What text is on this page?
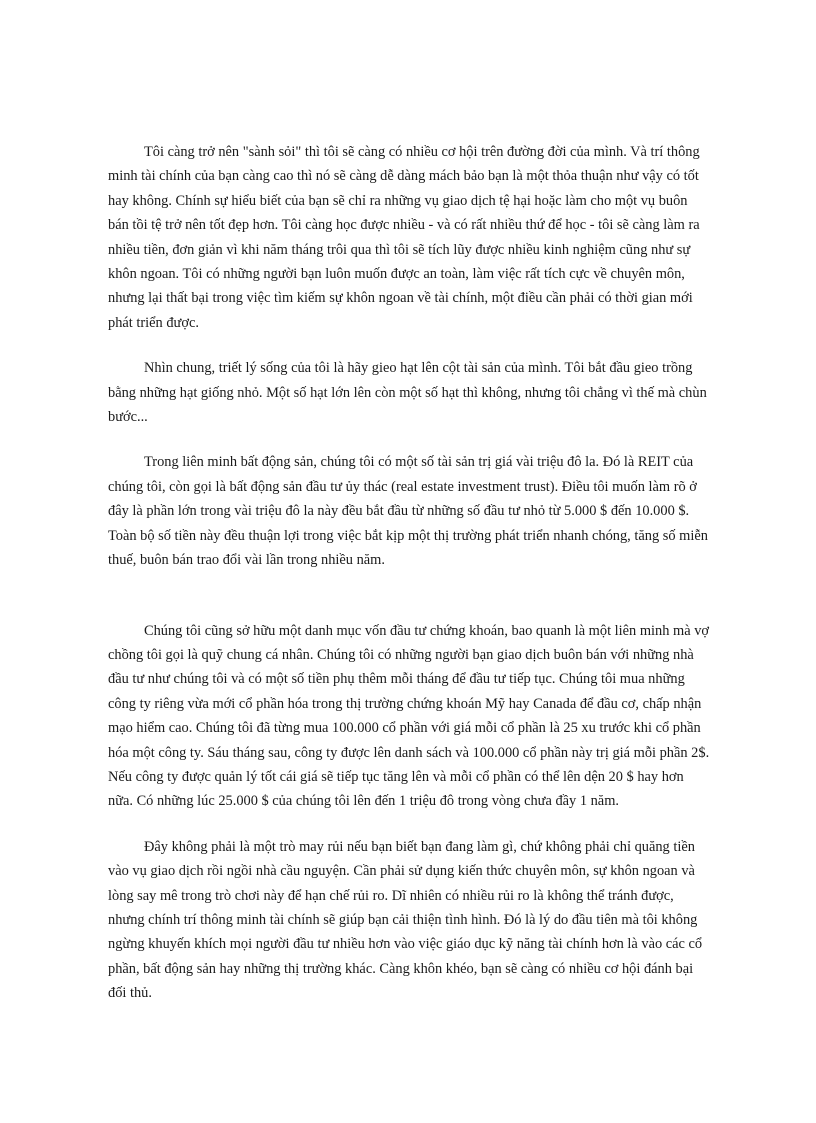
Tôi càng trở nên "sành sỏi" thì tôi sẽ càng có nhiều cơ hội trên đường đời của mình. Và trí thông minh tài chính của bạn càng cao thì nó sẽ càng dễ dàng mách bảo bạn là một thỏa thuận như vậy có tốt hay không. Chính sự hiểu biết của bạn sẽ chỉ ra những vụ giao dịch tệ hại hoặc làm cho một vụ buôn bán tồi tệ trở nên tốt đẹp hơn. Tôi càng học được nhiều - và có rất nhiều thứ để học - tôi sẽ càng làm ra nhiều tiền, đơn giản vì khi năm tháng trôi qua thì tôi sẽ tích lũy được nhiều kinh nghiệm cũng như sự khôn ngoan. Tôi có những người bạn luôn muốn được an toàn, làm việc rất tích cực về chuyên môn, nhưng lại thất bại trong việc tìm kiếm sự khôn ngoan về tài chính, một điều cần phải có thời gian mới phát triển được.

Nhìn chung, triết lý sống của tôi là hãy gieo hạt lên cột tài sản của mình. Tôi bắt đầu gieo trồng bằng những hạt giống nhỏ. Một số hạt lớn lên còn một số hạt thì không, nhưng tôi chẳng vì thế mà chùn bước...

Trong liên minh bất động sản, chúng tôi có một số tài sản trị giá vài triệu đô la. Đó là REIT của chúng tôi, còn gọi là bất động sản đầu tư ủy thác (real estate investment trust). Điều tôi muốn làm rõ ở đây là phần lớn trong vài triệu đô la này đều bắt đầu từ những số đầu tư nhỏ từ 5.000 $ đến 10.000 $. Toàn bộ số tiền này đều thuận lợi trong việc bắt kịp một thị trường phát triển nhanh chóng, tăng số miễn thuế, buôn bán trao đổi vài lần trong nhiều năm.

Chúng tôi cũng sở hữu một danh mục vốn đầu tư chứng khoán, bao quanh là một liên minh mà vợ chồng tôi gọi là quỹ chung cá nhân. Chúng tôi có những người bạn giao dịch buôn bán với những nhà đầu tư như chúng tôi và có một số tiền phụ thêm mỗi tháng để đầu tư tiếp tục. Chúng tôi mua những công ty riêng vừa mới cổ phần hóa trong thị trường chứng khoán Mỹ hay Canada để đầu cơ, chấp nhận mạo hiểm cao. Chúng tôi đã từng mua 100.000 cổ phần với giá mỗi cổ phần là 25 xu trước khi cổ phần hóa một công ty. Sáu tháng sau, công ty được lên danh sách và 100.000 cổ phần này trị giá mỗi phần 2$. Nếu công ty được quản lý tốt cái giá sẽ tiếp tục tăng lên và mỗi cổ phần có thể lên dện 20 $ hay hơn nữa. Có những lúc 25.000 $ của chúng tôi lên đến 1 triệu đô trong vòng chưa đầy 1 năm.

Đây không phải là một trò may rủi nếu bạn biết bạn đang làm gì, chứ không phải chỉ quăng tiền vào vụ giao dịch rồi ngồi nhà cầu nguyện. Cần phải sử dụng kiến thức chuyên môn, sự khôn ngoan và lòng say mê trong trò chơi này để hạn chế rủi ro. Dĩ nhiên có nhiều rủi ro là không thể tránh được, nhưng chính trí thông minh tài chính sẽ giúp bạn cải thiện tình hình. Đó là lý do đầu tiên mà tôi không ngừng khuyến khích mọi người đầu tư nhiều hơn vào việc giáo dục kỹ năng tài chính hơn là vào các cổ phần, bất động sản hay những thị trường khác. Càng khôn khéo, bạn sẽ càng có nhiều cơ hội đánh bại đối thủ.
